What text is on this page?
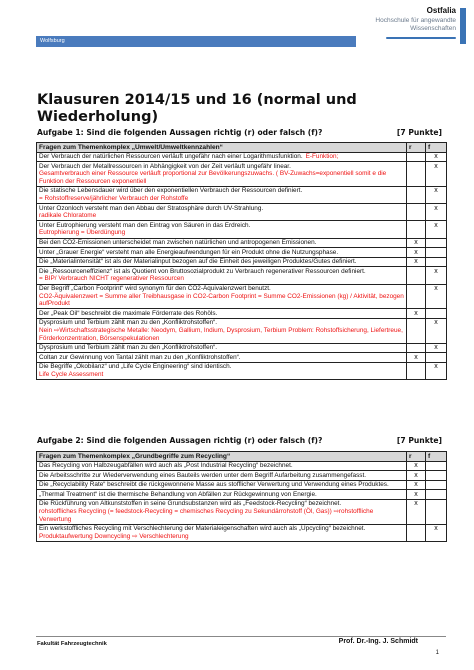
Ostfalia
Hochschule für angewandte Wissenschaften
Wolfsburg
Klausuren 2014/15 und 16 (normal und Wiederholung)
Aufgabe 1: Sind die folgenden Aussagen richtig (r) oder falsch (f)?	[7 Punkte]
Fragen zum Themenkomplex „Umwelt/Umweltkennzahlen“	r	f
Der Verbrauch der natürlichen Ressourcen verläuft ungefähr nach einer Logarithmusfunktion. E-Funktion;		x
Der Verbrauch der Metallressourcen in Abhängigkeit von der Zeit verläuft ungefähr linear.
Gesamtverbrauch einer Ressource verläuft proportional zur Bevölkerungszuwachs. ( BV-Zuwachs=exponentiell somit e die Funktion der Ressourcen exponentiell		x
Die statische Lebensdauer wird über den exponentiellen Verbrauch der Ressourcen definiert.
= Rohstoffreserve/jährlicher Verbrauch der Rohstoffe		x
Unter Ozonloch versteht man den Abbau der Stratosphäre durch UV-Strahlung.
radikale Chloratome		x
Unter Eutrophierung versteht man den Eintrag von Säuren in das Erdreich.
Eutrophierung = Überdüngung		x
Bei den CO2-Emissionen unterscheidet man zwischen natürlichen und antropogenen Emissionen.	x	
Unter „Grauer Energie“ versteht man alle Energieaufwendungen für ein Produkt ohne die Nutzungsphase.	x	
Die „Materialintensität“ ist als der Materialinput bezogen auf die Einheit des jeweiligen Produktes/Gutes definiert.	x	
Die „Ressourceneffizienz“ ist als Quotient von Bruttosozialprodukt zu Verbrauch regenerativer Ressourcen definiert.
= BIP/ Verbrauch NICHT regenerativer Ressourcen		x
Der Begriff „Carbon Footprint“ wird synonym für den CO2-Äquivalenzwert benutzt.
CO2-Äquivalenzwert = Summe aller Treibhausgase in CO2-Carbon Footprint = Summe CO2-Emissionen (kg) / Aktivität, bezogen aufProdukt		x
Der „Peak Oil“ beschreibt die maximale Förderrate des Rohöls.	x	
Dysprosium und Terbium zählt man zu den „Konfliktrohstoffen“.
Nein ⇨Wirtschaftsstrategische Metalle: Neodym, Gallium, Indium, Dysprosium, Terbium Problem: Rohstoffsicherung, Liefertreue, Förderkonzentration, Börsenspekulationen		x
Dysprosium und Terbium zählt man zu den „Konfliktrohstoffen“.		x
Coltan zur Gewinnung von Tantal zählt man zu den „Konfliktrohstoffen“.	x	
Die Begriffe „Ökobilanz“ und „Life Cycle Engineering“ sind identisch.
Life Cycle Assessment		x
Aufgabe 2: Sind die folgenden Aussagen richtig (r) oder falsch (f)?	[7 Punkte]
Fragen zum Themenkomplex „Grundbegriffe zum Recycling“	r	f
Das Recycling von Halbzeugabfällen wird auch als „Post Industrial Recycling“ bezeichnet.	x	
Die Arbeitsschritte zur Wiederverwendung eines Bauteils werden unter dem Begriff Aufarbeitung zusammengefasst.	x	
Die „Recyclability Rate“ beschreibt die rückgewonnene Masse aus stofflicher Verwertung und Verwendung eines Produktes.	x	
„Thermal Treatment“ ist die thermische Behandlung von Abfällen zur Rückgewinnung von Energie.	x	
Die Rückführung von Altkunststoffen in seine Grundsubstanzen wird als „Feedstock-Recycling“ bezeichnet.
rohstoffliches Recycling (= feedstock-Recycling = chemisches Recycling zu Sekundärrohstoff (Öl, Gas)) ⇨rohstoffliche Verwertung	x	
Ein werkstoffliches Recycling mit Verschlechterung der Materialeigenschaften wird auch als „Upcycling“ bezeichnet.
Produktaufwertung Downcycling ⇨ Verschlechterung		x
Fakultät Fahrzeugtechnik	Prof. Dr.-Ing. J. Schmidt
1
